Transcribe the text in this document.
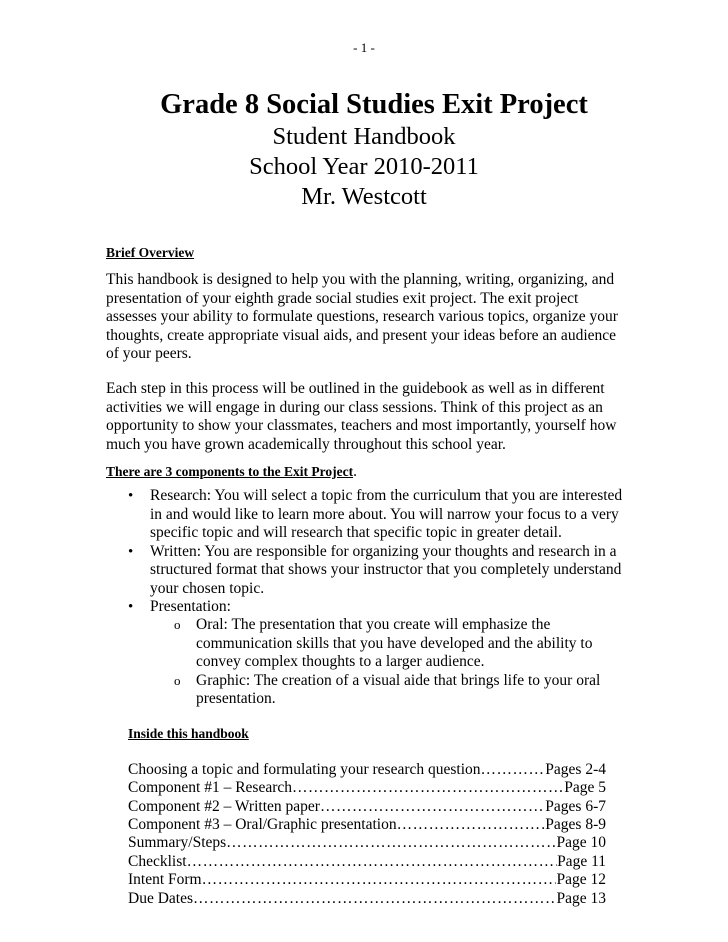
- 1 -
Grade 8 Social Studies Exit Project
Student Handbook
School Year 2010-2011
Mr. Westcott

Brief Overview

This handbook is designed to help you with the planning, writing, organizing, and presentation of your eighth grade social studies exit project. The exit project assesses your ability to formulate questions, research various topics, organize your thoughts, create appropriate visual aids, and present your ideas before an audience of your peers.

Each step in this process will be outlined in the guidebook as well as in different activities we will engage in during our class sessions. Think of this project as an opportunity to show your classmates, teachers and most importantly, yourself how much you have grown academically throughout this school year.

There are 3 components to the Exit Project.

• Research: You will select a topic from the curriculum that you are interested in and would like to learn more about. You will narrow your focus to a very specific topic and will research that specific topic in greater detail.
• Written: You are responsible for organizing your thoughts and research in a structured format that shows your instructor that you completely understand your chosen topic.
• Presentation:
o Oral: The presentation that you create will emphasize the communication skills that you have developed and the ability to convey complex thoughts to a larger audience.
o Graphic: The creation of a visual aide that brings life to your oral presentation.

Inside this handbook

Choosing a topic and formulating your research question ……………………………………………………………………………………………………………………………	Pages 2-4
Component #1 – Research ……………………………………………………………………………………………………………………………	Page 5
Component #2 – Written paper ……………………………………………………………………………………………………………………………	Pages 6-7
Component #3 – Oral/Graphic presentation ……………………………………………………………………………………………………………………………	Pages 8-9
Summary/Steps ……………………………………………………………………………………………………………………………	Page 10
Checklist ……………………………………………………………………………………………………………………………	Page 11
Intent Form ……………………………………………………………………………………………………………………………	Page 12
Due Dates ……………………………………………………………………………………………………………………………	Page 13
